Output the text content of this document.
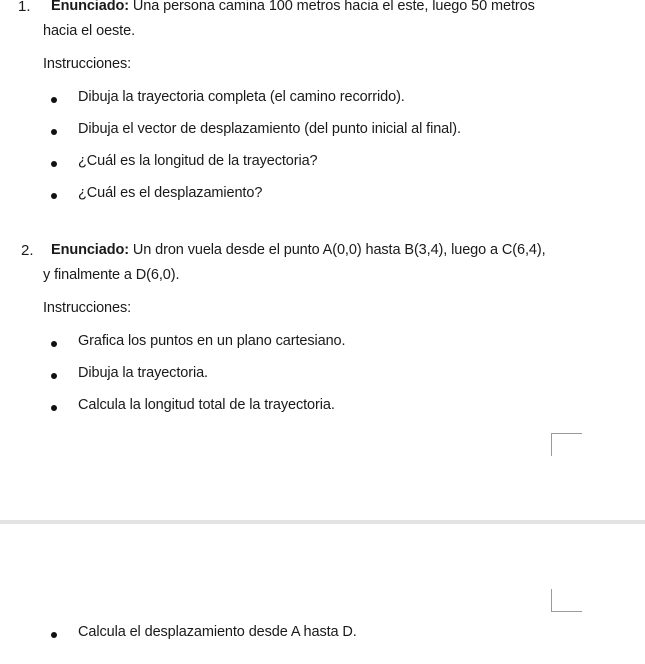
1. Enunciado: Una persona camina 100 metros hacia el este, luego 50 metros
hacia el oeste.
Instrucciones:
Dibuja la trayectoria completa (el camino recorrido).
Dibuja el vector de desplazamiento (del punto inicial al final).
¿Cuál es la longitud de la trayectoria?
¿Cuál es el desplazamiento?
2. Enunciado: Un dron vuela desde el punto A(0,0) hasta B(3,4), luego a C(6,4),
y finalmente a D(6,0).
Instrucciones:
Grafica los puntos en un plano cartesiano.
Dibuja la trayectoria.
Calcula la longitud total de la trayectoria.
Calcula el desplazamiento desde A hasta D.
